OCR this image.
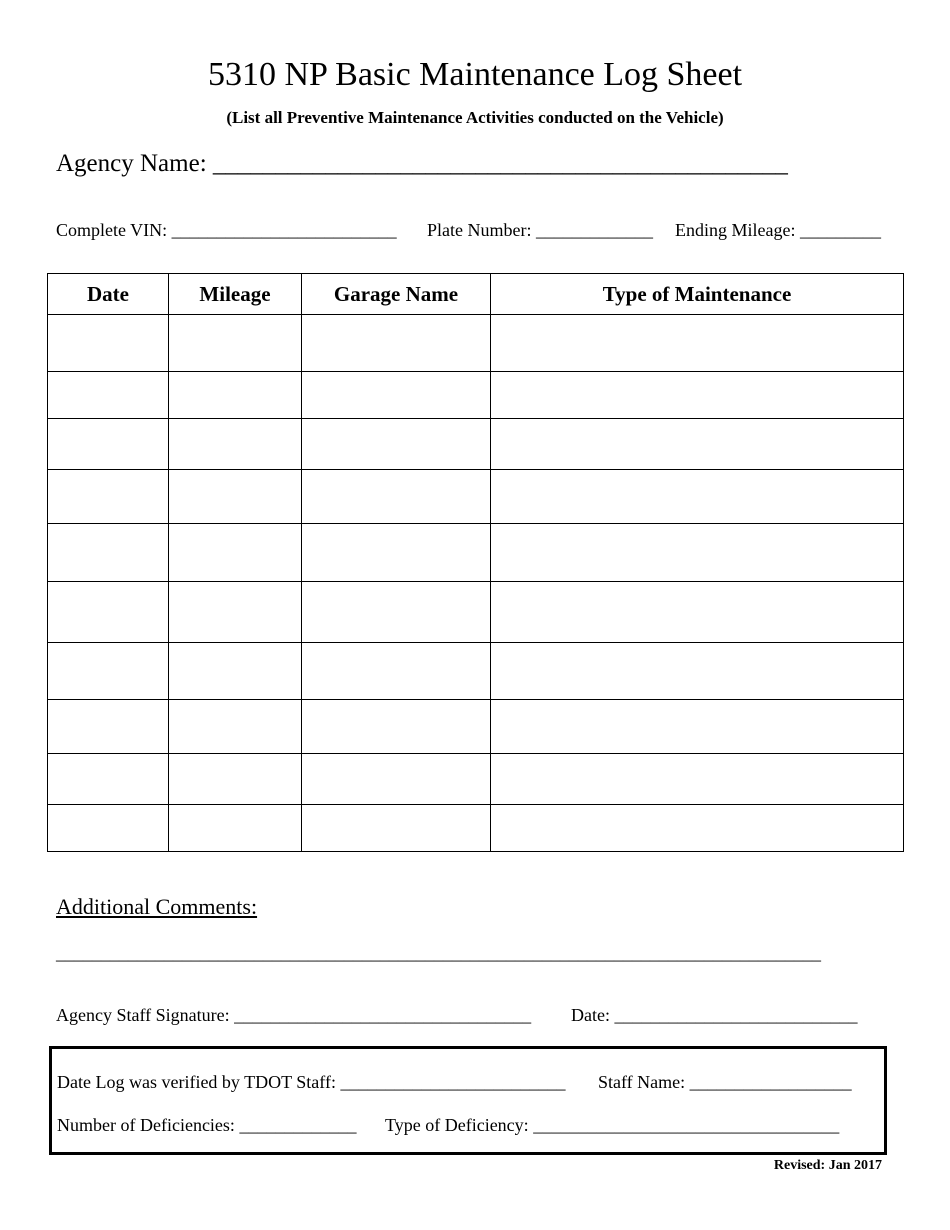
5310 NP Basic Maintenance Log Sheet
(List all Preventive Maintenance Activities conducted on the Vehicle)
Agency Name: ______________________________________________
Complete VIN: _________________________ Plate Number: _____________ Ending Mileage: _________
Date	Mileage	Garage Name	Type of Maintenance

Additional Comments:
_____________________________________________________________________________________
Agency Staff Signature: _________________________________ Date: ___________________________
Date Log was verified by TDOT Staff: _________________________ Staff Name: __________________
Number of Deficiencies: _____________ Type of Deficiency: __________________________________
Revised: Jan 2017
